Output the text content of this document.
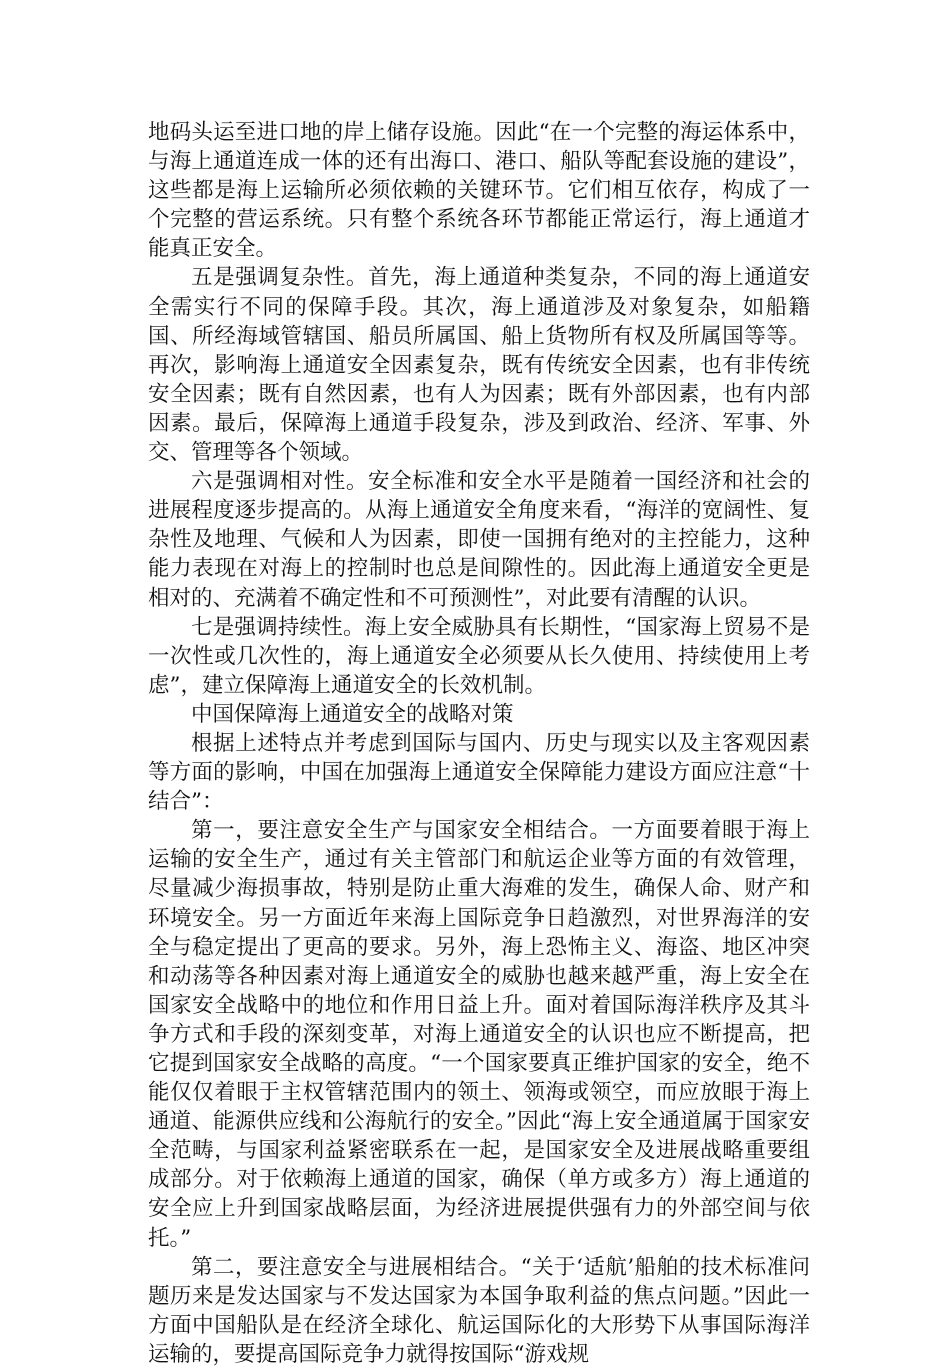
地码头运至进口地的岸上储存设施。因此“在一个完整的海运体系中，与海上通道连成一体的还有出海口、港口、船队等配套设施的建设”，这些都是海上运输所必须依赖的关键环节。它们相互依存，构成了一个完整的营运系统。只有整个系统各环节都能正常运行，海上通道才能真正安全。

五是强调复杂性。首先，海上通道种类复杂，不同的海上通道安全需实行不同的保障手段。其次，海上通道涉及对象复杂，如船籍国、所经海域管辖国、船员所属国、船上货物所有权及所属国等等。再次，影响海上通道安全因素复杂，既有传统安全因素，也有非传统安全因素；既有自然因素，也有人为因素；既有外部因素，也有内部因素。最后，保障海上通道手段复杂，涉及到政治、经济、军事、外交、管理等各个领域。

六是强调相对性。安全标准和安全水平是随着一国经济和社会的进展程度逐步提高的。从海上通道安全角度来看，“海洋的宽阔性、复杂性及地理、气候和人为因素，即使一国拥有绝对的主控能力，这种能力表现在对海上的控制时也总是间隙性的。因此海上通道安全更是相对的、充满着不确定性和不可预测性”，对此要有清醒的认识。

七是强调持续性。海上安全威胁具有长期性，“国家海上贸易不是一次性或几次性的，海上通道安全必须要从长久使用、持续使用上考虑”，建立保障海上通道安全的长效机制。

中国保障海上通道安全的战略对策

根据上述特点并考虑到国际与国内、历史与现实以及主客观因素等方面的影响，中国在加强海上通道安全保障能力建设方面应注意“十结合”：

第一，要注意安全生产与国家安全相结合。一方面要着眼于海上运输的安全生产，通过有关主管部门和航运企业等方面的有效管理，尽量减少海损事故，特别是防止重大海难的发生，确保人命、财产和环境安全。另一方面近年来海上国际竞争日趋激烈，对世界海洋的安全与稳定提出了更高的要求。另外，海上恐怖主义、海盗、地区冲突和动荡等各种因素对海上通道安全的威胁也越来越严重，海上安全在国家安全战略中的地位和作用日益上升。面对着国际海洋秩序及其斗争方式和手段的深刻变革，对海上通道安全的认识也应不断提高，把它提到国家安全战略的高度。“一个国家要真正维护国家的安全，绝不能仅仅着眼于主权管辖范围内的领土、领海或领空，而应放眼于海上通道、能源供应线和公海航行的安全。”因此“海上安全通道属于国家安全范畴，与国家利益紧密联系在一起，是国家安全及进展战略重要组成部分。对于依赖海上通道的国家，确保（单方或多方）海上通道的安全应上升到国家战略层面，为经济进展提供强有力的外部空间与依托。”

第二，要注意安全与进展相结合。“关于‘适航’船舶的技术标准问题历来是发达国家与不发达国家为本国争取利益的焦点问题。”因此一方面中国船队是在经济全球化、航运国际化的大形势下从事国际海洋运输的，要提高国际竞争力就得按国际“游戏规
